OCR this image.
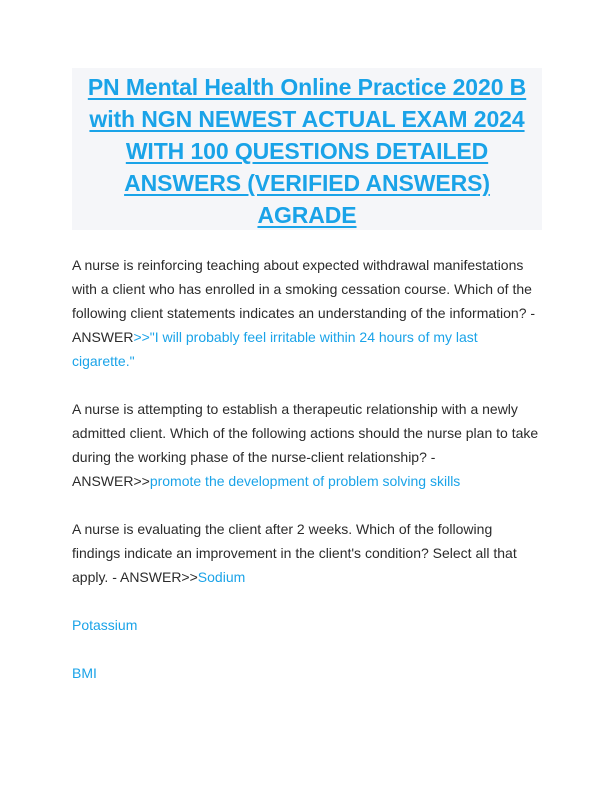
PN Mental Health Online Practice 2020 B with NGN NEWEST ACTUAL EXAM 2024 WITH 100 QUESTIONS DETAILED ANSWERS (VERIFIED ANSWERS) AGRADE

A nurse is reinforcing teaching about expected withdrawal manifestations with a client who has enrolled in a smoking cessation course. Which of the following client statements indicates an understanding of the information? - ANSWER>>"I will probably feel irritable within 24 hours of my last cigarette."

A nurse is attempting to establish a therapeutic relationship with a newly admitted client. Which of the following actions should the nurse plan to take during the working phase of the nurse-client relationship? - ANSWER>>promote the development of problem solving skills

A nurse is evaluating the client after 2 weeks. Which of the following findings indicate an improvement in the client's condition? Select all that apply. - ANSWER>>Sodium

Potassium

BMI
